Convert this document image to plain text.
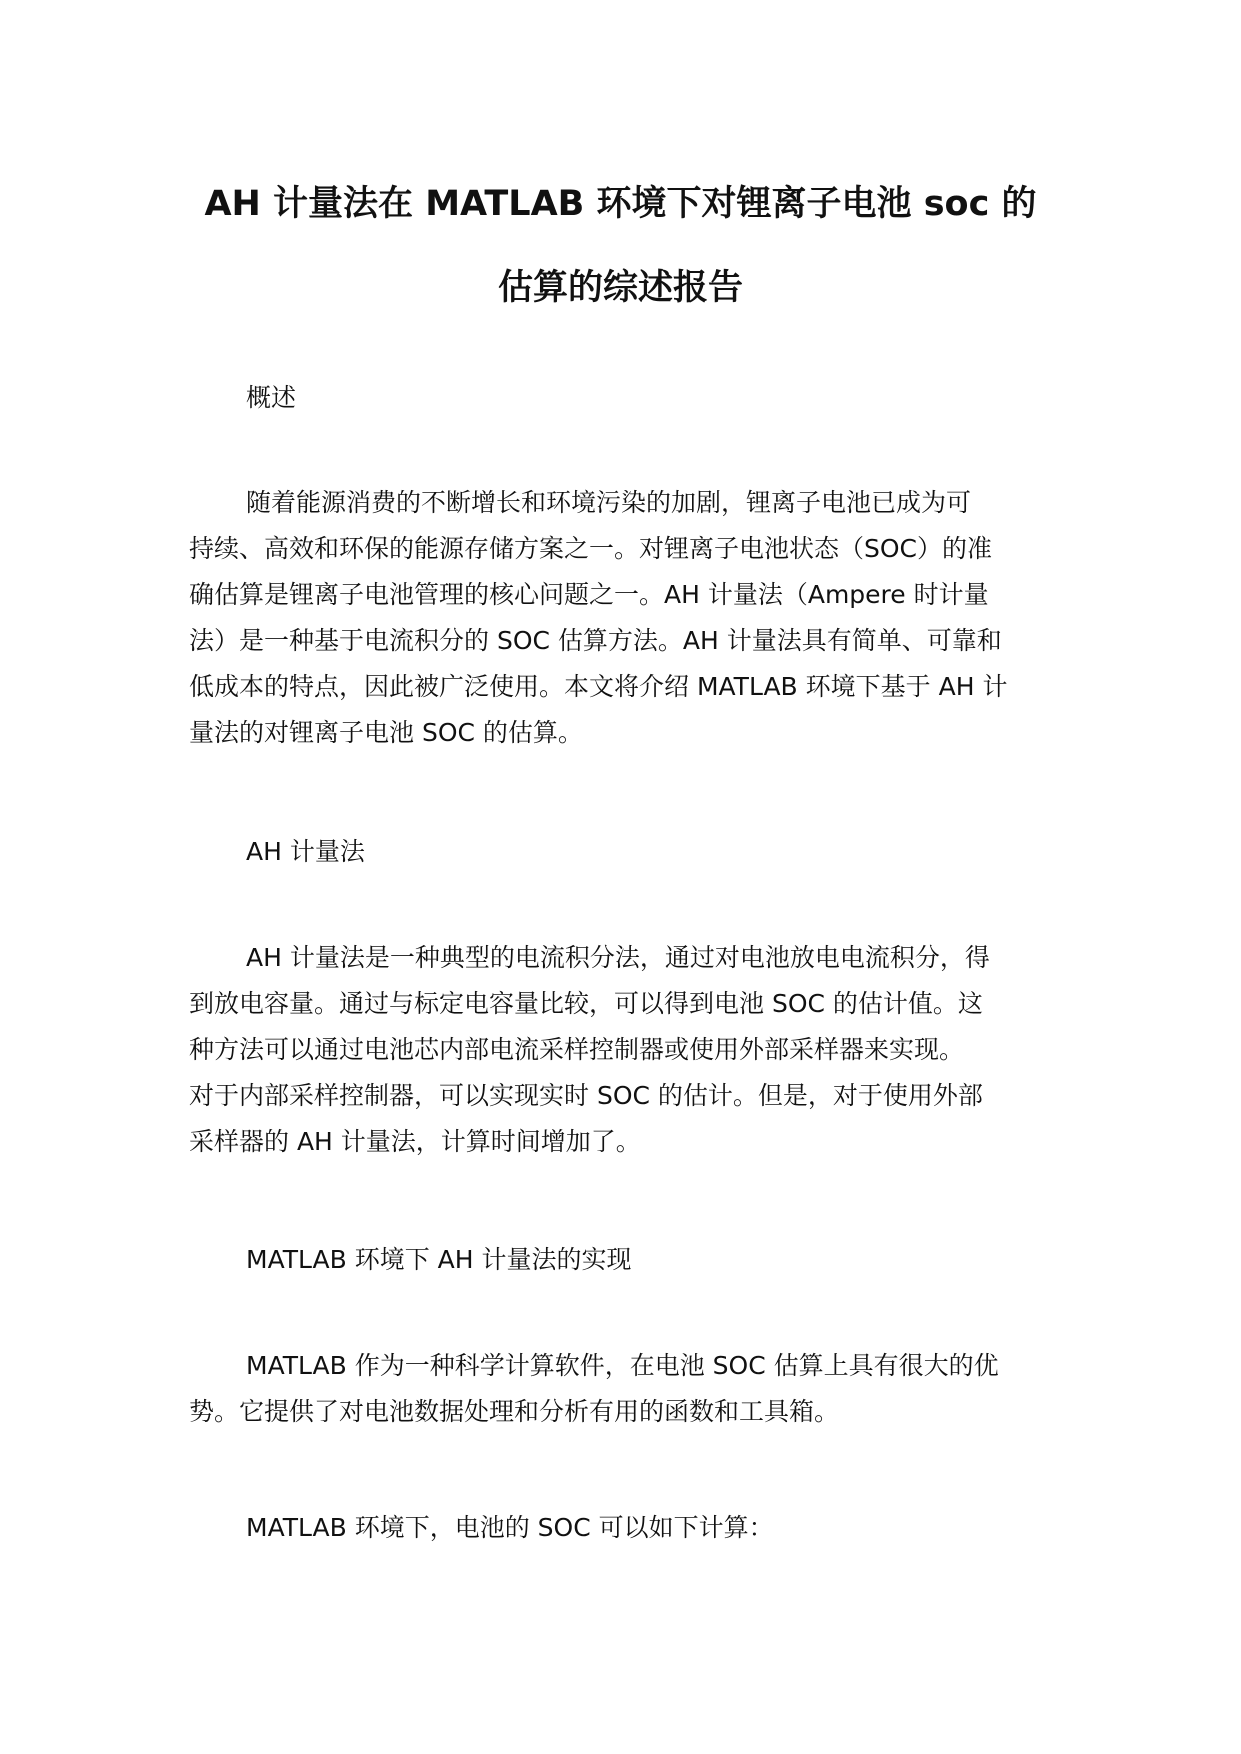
AH 计量法在 MATLAB 环境下对锂离子电池 soc 的
估算的综述报告
概述
随着能源消费的不断增长和环境污染的加剧，锂离子电池已成为可
持续、高效和环保的能源存储方案之一。对锂离子电池状态（SOC）的准
确估算是锂离子电池管理的核心问题之一。AH 计量法（Ampere 时计量
法）是一种基于电流积分的 SOC 估算方法。AH 计量法具有简单、可靠和
低成本的特点，因此被广泛使用。本文将介绍 MATLAB 环境下基于 AH 计
量法的对锂离子电池 SOC 的估算。
AH 计量法
AH 计量法是一种典型的电流积分法，通过对电池放电电流积分，得
到放电容量。通过与标定电容量比较，可以得到电池 SOC 的估计值。这
种方法可以通过电池芯内部电流采样控制器或使用外部采样器来实现。
对于内部采样控制器，可以实现实时 SOC 的估计。但是，对于使用外部
采样器的 AH 计量法，计算时间增加了。
MATLAB 环境下 AH 计量法的实现
MATLAB 作为一种科学计算软件，在电池 SOC 估算上具有很大的优
势。它提供了对电池数据处理和分析有用的函数和工具箱。
MATLAB 环境下，电池的 SOC 可以如下计算：
